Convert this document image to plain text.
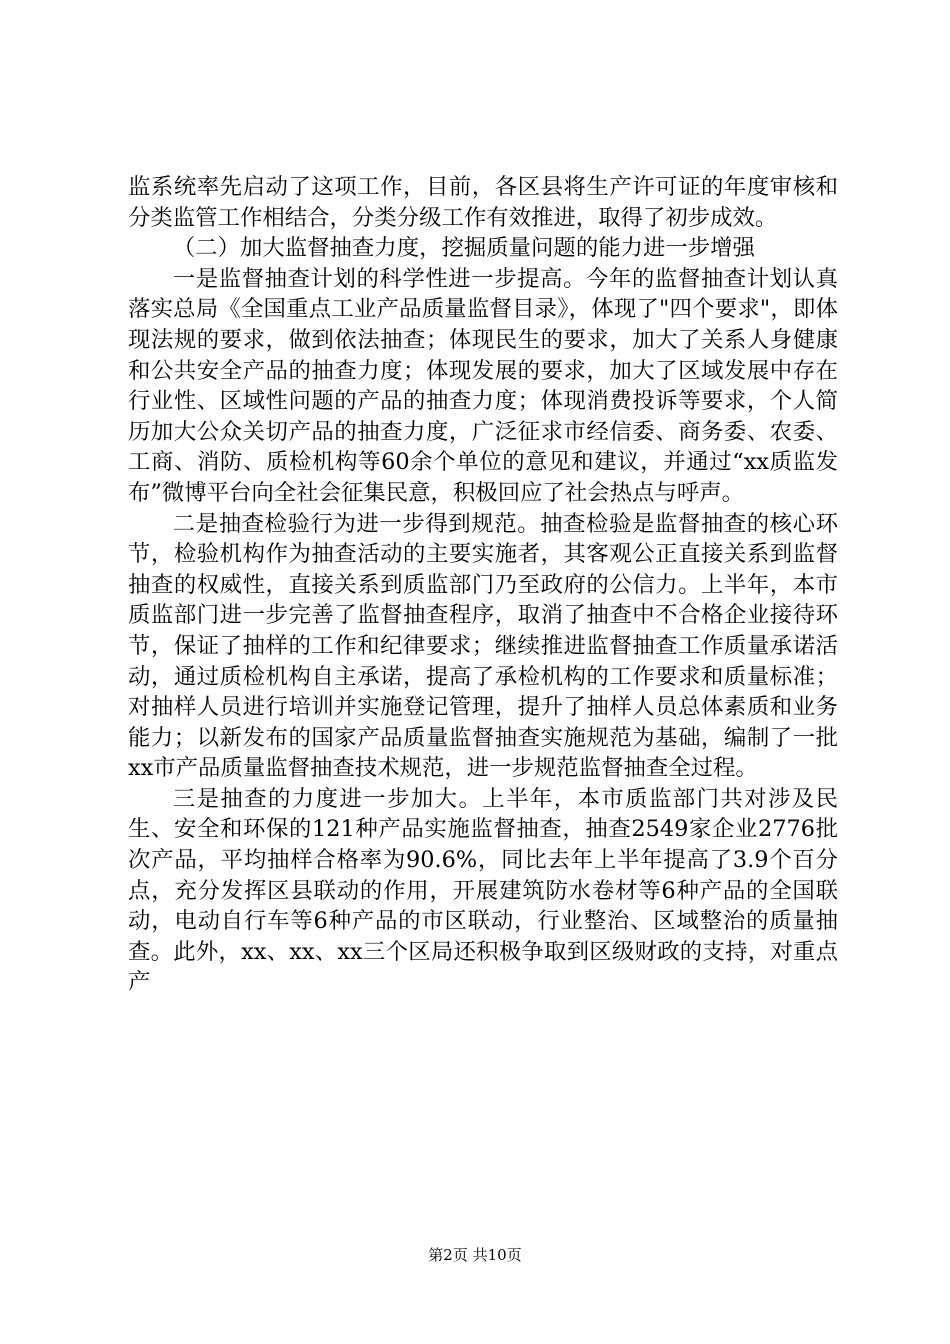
监系统率先启动了这项工作，目前，各区县将生产许可证的年度审核和分类监管工作相结合，分类分级工作有效推进，取得了初步成效。

（二）加大监督抽查力度，挖掘质量问题的能力进一步增强

一是监督抽查计划的科学性进一步提高。今年的监督抽查计划认真落实总局《全国重点工业产品质量监督目录》，体现了"四个要求"，即体现法规的要求，做到依法抽查；体现民生的要求，加大了关系人身健康和公共安全产品的抽查力度；体现发展的要求，加大了区域发展中存在行业性、区域性问题的产品的抽查力度；体现消费投诉等要求，个人简历加大公众关切产品的抽查力度，广泛征求市经信委、商务委、农委、工商、消防、质检机构等60余个单位的意见和建议，并通过“xx质监发布”微博平台向全社会征集民意，积极回应了社会热点与呼声。

二是抽查检验行为进一步得到规范。抽查检验是监督抽查的核心环节，检验机构作为抽查活动的主要实施者，其客观公正直接关系到监督抽查的权威性，直接关系到质监部门乃至政府的公信力。上半年，本市质监部门进一步完善了监督抽查程序，取消了抽查中不合格企业接待环节，保证了抽样的工作和纪律要求；继续推进监督抽查工作质量承诺活动，通过质检机构自主承诺，提高了承检机构的工作要求和质量标准；对抽样人员进行培训并实施登记管理，提升了抽样人员总体素质和业务能力；以新发布的国家产品质量监督抽查实施规范为基础，编制了一批xx市产品质量监督抽查技术规范，进一步规范监督抽查全过程。

三是抽查的力度进一步加大。上半年，本市质监部门共对涉及民生、安全和环保的121种产品实施监督抽查，抽查2549家企业2776批次产品，平均抽样合格率为90.6%，同比去年上半年提高了3.9个百分点，充分发挥区县联动的作用，开展建筑防水卷材等6种产品的全国联动，电动自行车等6种产品的市区联动，行业整治、区域整治的质量抽查。此外，xx、xx、xx三个区局还积极争取到区级财政的支持，对重点产

第2页 共10页
